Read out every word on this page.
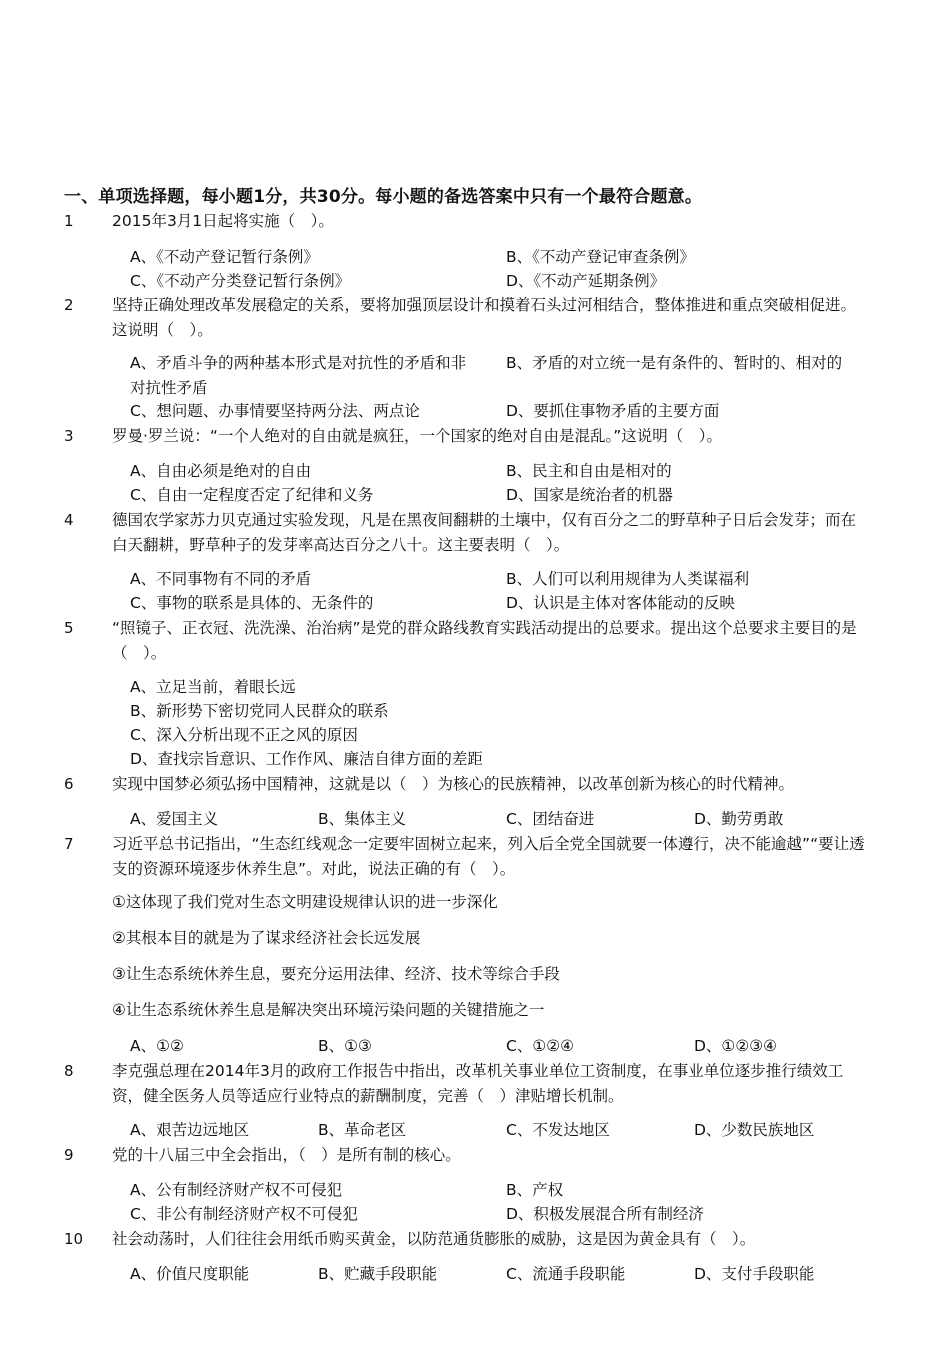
一、单项选择题，每小题1分，共30分。每小题的备选答案中只有一个最符合题意。
1 2015年3月1日起将实施（　）。
A、《不动产登记暂行条例》	B、《不动产登记审查条例》
C、《不动产分类登记暂行条例》	D、《不动产延期条例》
2 坚持正确处理改革发展稳定的关系，要将加强顶层设计和摸着石头过河相结合，整体推进和重点突破相促进。这说明（　）。
A、矛盾斗争的两种基本形式是对抗性的矛盾和非对抗性矛盾
B、矛盾的对立统一是有条件的、暂时的、相对的
C、想问题、办事情要坚持两分法、两点论	D、要抓住事物矛盾的主要方面
3 罗曼·罗兰说：“一个人绝对的自由就是疯狂，一个国家的绝对自由是混乱。”这说明（　）。
A、自由必须是绝对的自由	B、民主和自由是相对的
C、自由一定程度否定了纪律和义务	D、国家是统治者的机器
4 德国农学家苏力贝克通过实验发现，凡是在黑夜间翻耕的土壤中，仅有百分之二的野草种子日后会发芽；而在白天翻耕，野草种子的发芽率高达百分之八十。这主要表明（　）。
A、不同事物有不同的矛盾	B、人们可以利用规律为人类谋福利
C、事物的联系是具体的、无条件的	D、认识是主体对客体能动的反映
5 “照镜子、正衣冠、洗洗澡、治治病”是党的群众路线教育实践活动提出的总要求。提出这个总要求主要目的是（　）。
A、立足当前，着眼长远
B、新形势下密切党同人民群众的联系
C、深入分析出现不正之风的原因
D、查找宗旨意识、工作作风、廉洁自律方面的差距
6 实现中国梦必须弘扬中国精神，这就是以（　）为核心的民族精神，以改革创新为核心的时代精神。
A、爱国主义	B、集体主义	C、团结奋进	D、勤劳勇敢
7 习近平总书记指出，“生态红线观念一定要牢固树立起来，列入后全党全国就要一体遵行，决不能逾越”“要让透支的资源环境逐步休养生息”。对此，说法正确的有（　）。
①这体现了我们党对生态文明建设规律认识的进一步深化
②其根本目的就是为了谋求经济社会长远发展
③让生态系统休养生息，要充分运用法律、经济、技术等综合手段
④让生态系统休养生息是解决突出环境污染问题的关键措施之一
A、①②	B、①③	C、①②④	D、①②③④
8 李克强总理在2014年3月的政府工作报告中指出，改革机关事业单位工资制度，在事业单位逐步推行绩效工资，健全医务人员等适应行业特点的薪酬制度，完善（　）津贴增长机制。
A、艰苦边远地区	B、革命老区	C、不发达地区	D、少数民族地区
9 党的十八届三中全会指出，（　）是所有制的核心。
A、公有制经济财产权不可侵犯	B、产权
C、非公有制经济财产权不可侵犯	D、积极发展混合所有制经济
10 社会动荡时，人们往往会用纸币购买黄金，以防范通货膨胀的威胁，这是因为黄金具有（　）。
A、价值尺度职能	B、贮藏手段职能	C、流通手段职能	D、支付手段职能
